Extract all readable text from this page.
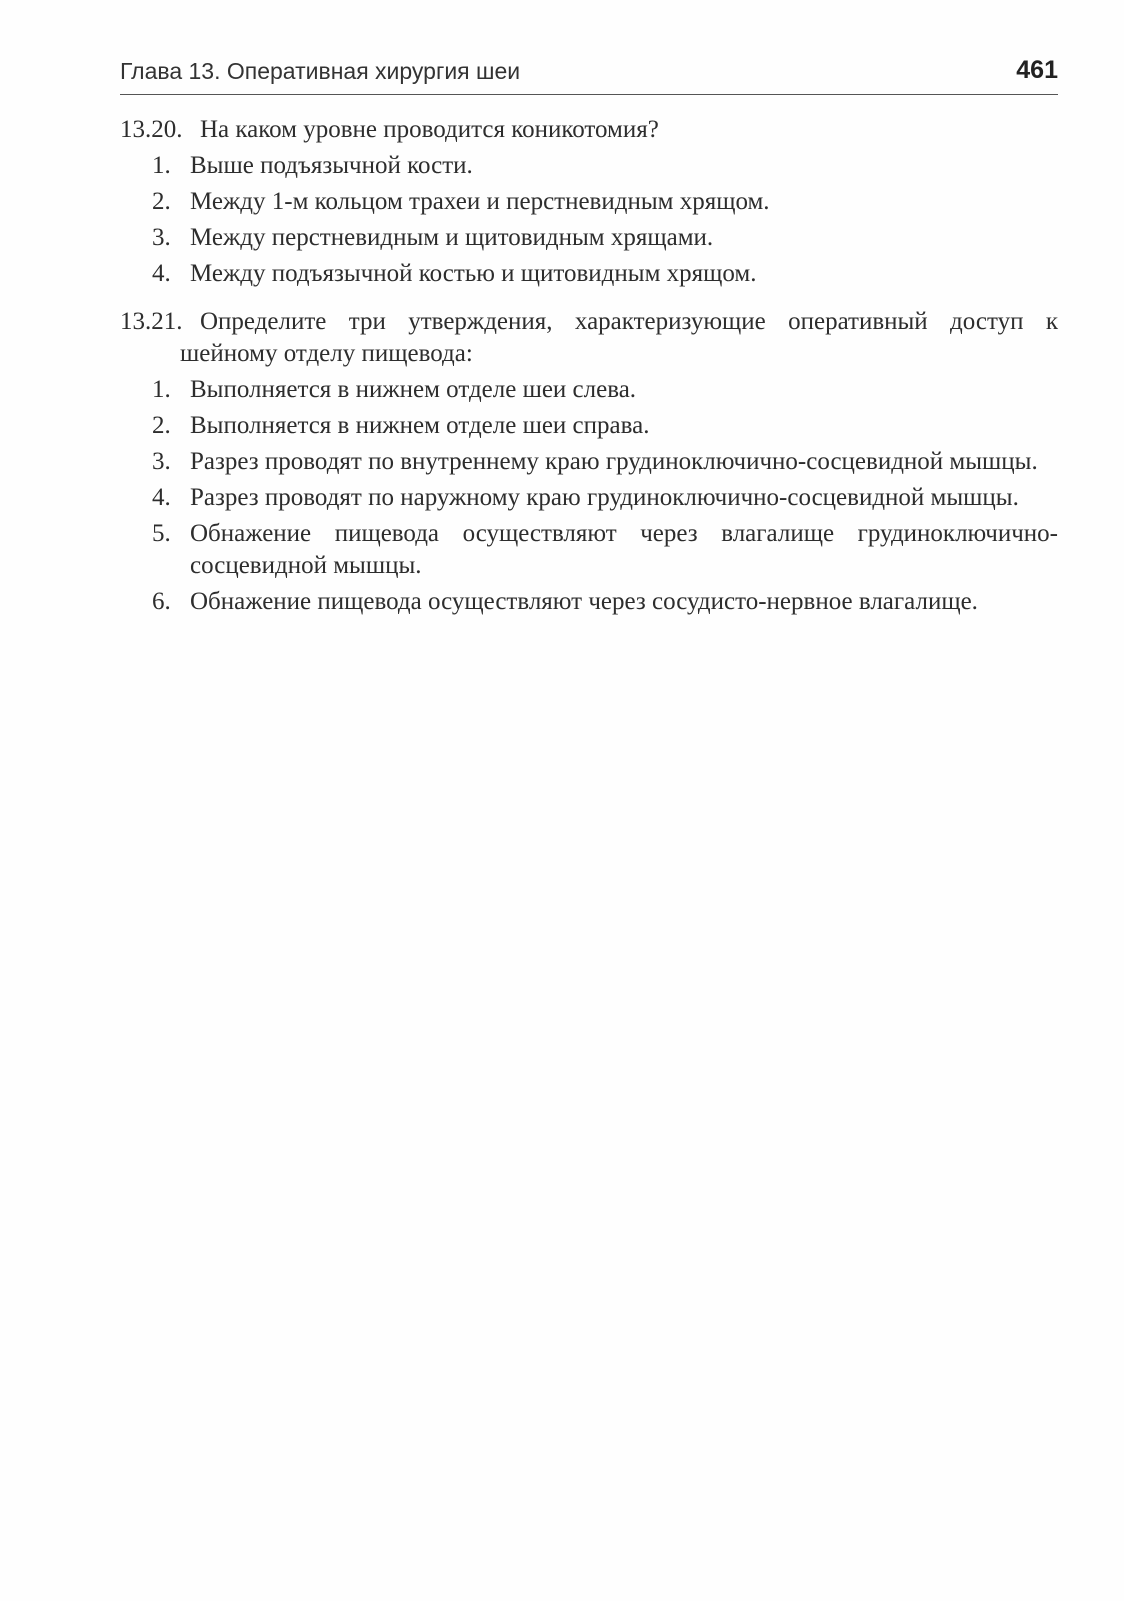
Глава 13. Оперативная хирургия шеи	461
13.20. На каком уровне проводится коникотомия?
1. Выше подъязычной кости.
2. Между 1-м кольцом трахеи и перстневидным хрящом.
3. Между перстневидным и щитовидным хрящами.
4. Между подъязычной костью и щитовидным хрящом.
13.21. Определите три утверждения, характеризующие оперативный доступ к шейному отделу пищевода:
1. Выполняется в нижнем отделе шеи слева.
2. Выполняется в нижнем отделе шеи справа.
3. Разрез проводят по внутреннему краю грудиноключично-сосцевидной мышцы.
4. Разрез проводят по наружному краю грудиноключично-сосцевидной мышцы.
5. Обнажение пищевода осуществляют через влагалище грудиноключично-сосцевидной мышцы.
6. Обнажение пищевода осуществляют через сосудисто-нервное влагалище.
